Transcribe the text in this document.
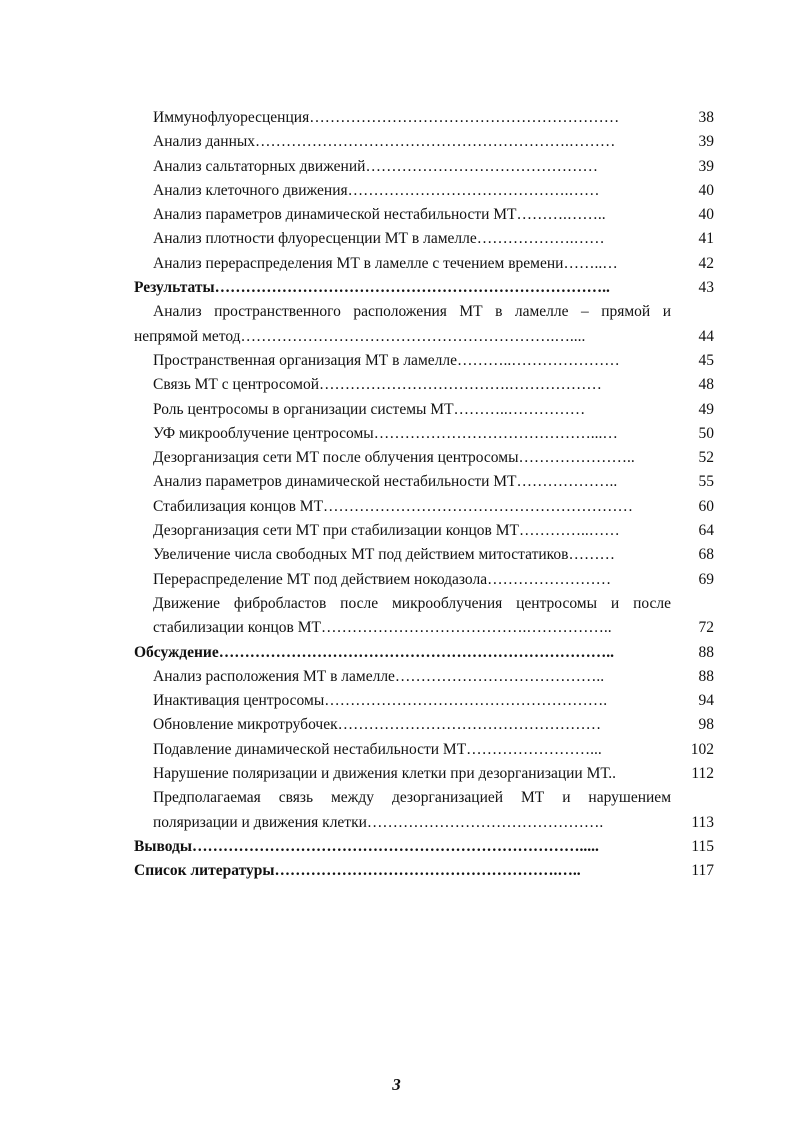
Иммунофлуоресценция……………………………………………………	38
Анализ данных…………………………………………………….………	39
Анализ сальтаторных движений………………………………………	39
Анализ клеточного движения…………………………………….……	40
Анализ параметров динамической нестабильности МТ……….……..	40
Анализ плотности флуоресценции МТ в ламелле……………….……	41
Анализ перераспределения МТ в ламелле с течением времени……..…	42
Результаты…………………………………………………………………..	43
Анализ пространственного расположения МТ в ламелле – прямой и
непрямой метод…………………………………………………….…....	44
Пространственная организация МТ в ламелле………..…………………	45
Связь МТ с центросомой……………………………….………………	48
Роль центросомы в организации системы МТ………..……………	49
УФ микрооблучение центросомы……………………………………...…	50
Дезорганизация сети МТ после облучения центросомы…………………..	52
Анализ параметров динамической нестабильности МТ………………..	55
Стабилизация концов МТ……………………………………………………	60
Дезорганизация сети МТ при стабилизации концов МТ…………..……	64
Увеличение числа свободных МТ под действием митостатиков………	68
Перераспределение МТ под действием нокодазола……………………	69
Движение фибробластов после микрооблучения центросомы и после
стабилизации концов МТ………………………………….……………..	72
Обсуждение…………………………………………………………………..	88
Анализ расположения МТ в ламелле…………………………………..	88
Инактивация центросомы……………………………………………….	94
Обновление микротрубочек……………………………………………	98
Подавление динамической нестабильности МТ……………………...	102
Нарушение поляризации и движения клетки при дезорганизации МТ..	112
Предполагаемая связь между дезорганизацией МТ и нарушением
поляризации и движения клетки……………………………………….	113
Выводы………………………………………………………………….....	115
Список литературы……………………………………………….…..	117
3
